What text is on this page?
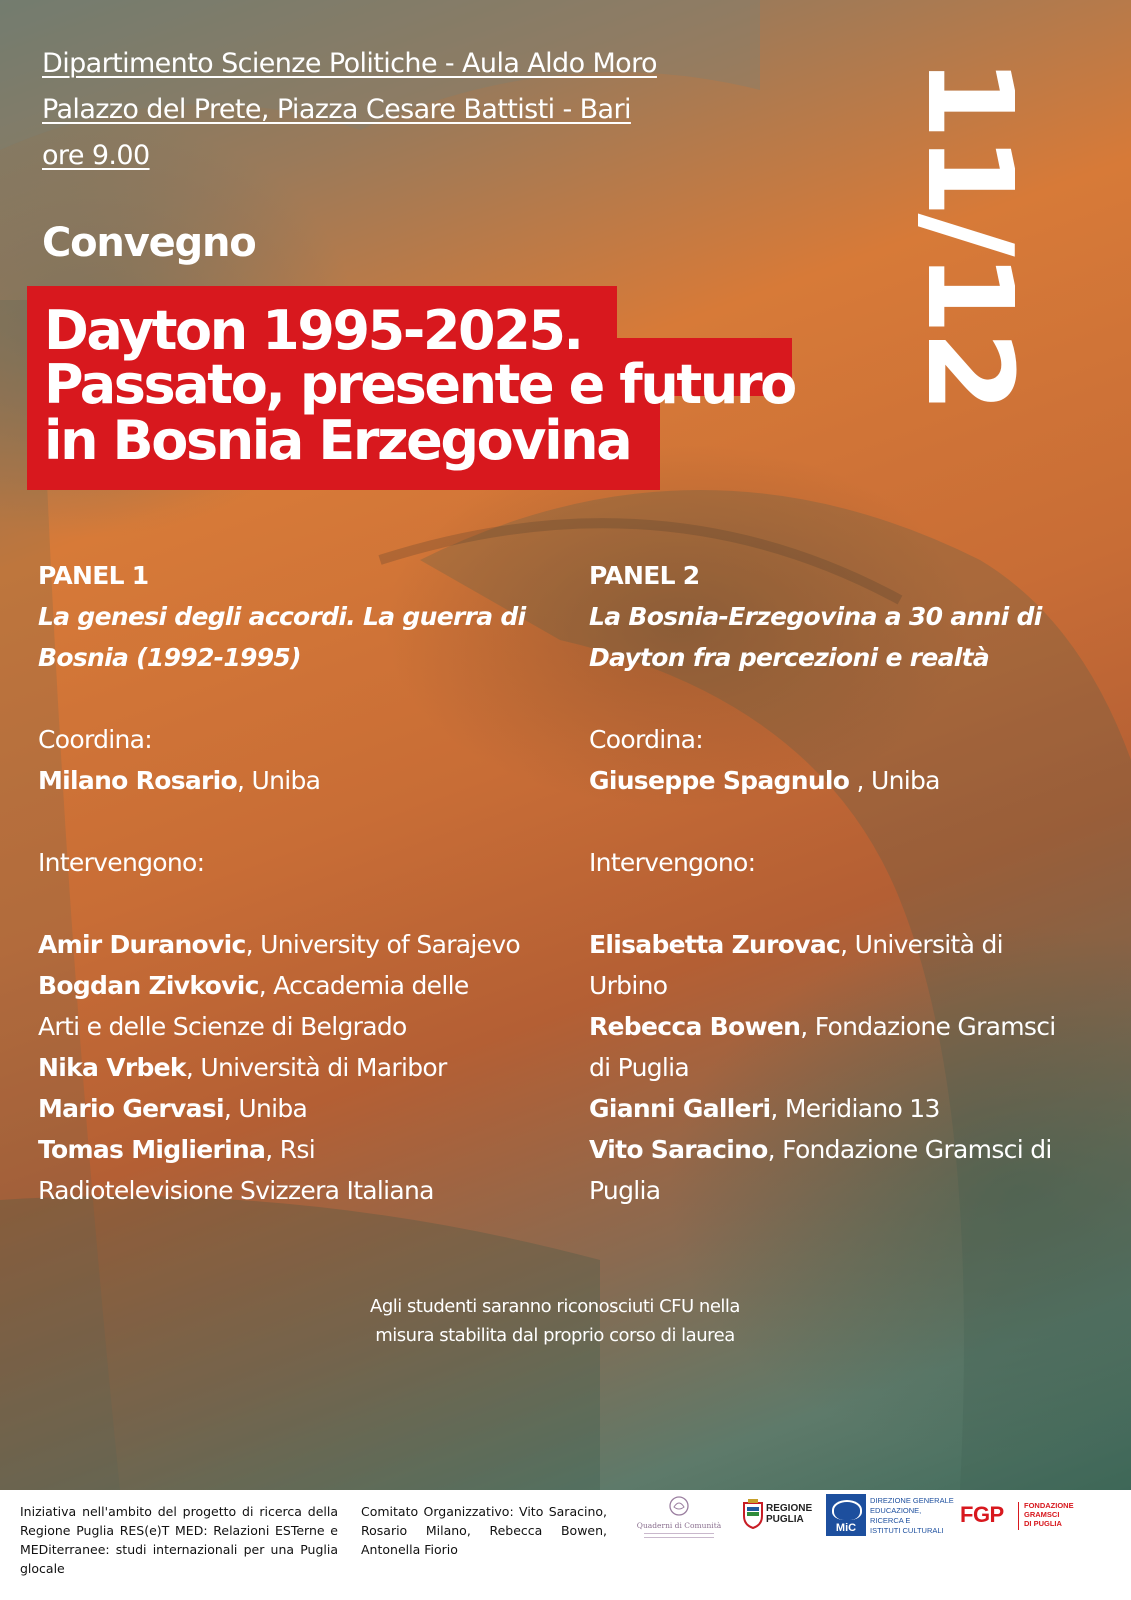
Dipartimento Scienze Politiche - Aula Aldo Moro
Palazzo del Prete, Piazza Cesare Battisti - Bari
ore 9.00
Convegno
Dayton 1995-2025.
Passato, presente e futuro
in Bosnia Erzegovina
11/12

PANEL 1

La genesi degli accordi. La guerra di

Bosnia (1992-1995)

Coordina:

Milano Rosario, Uniba

Intervengono:

Amir Duranovic, University of Sarajevo

Bogdan Zivkovic, Accademia delle

Arti e delle Scienze di Belgrado

Nika Vrbek, Università di Maribor

Mario Gervasi, Uniba

Tomas Miglierina, Rsi

Radiotelevisione Svizzera Italiana

PANEL 2

La Bosnia-Erzegovina a 30 anni di

Dayton fra percezioni e realtà

Coordina:

Giuseppe Spagnulo , Uniba

Intervengono:

Elisabetta Zurovac, Università di

Urbino

Rebecca Bowen, Fondazione Gramsci

di Puglia

Gianni Galleri, Meridiano 13

Vito Saracino, Fondazione Gramsci di

Puglia

Agli studenti saranno riconosciuti CFU nella
misura stabilita dal proprio corso di laurea
Iniziativa nell'ambito del progetto di ricerca della Regione Puglia RES(e)T MED: Relazioni ESTerne e MEDiterranee: studi internazionali per una Puglia glocale
Comitato Organizzativo: Vito Saracino, Rosario Milano, Rebecca Bowen, Antonella Fiorio
Quaderni di Comunità
REGIONE
PUGLIA
MiC
DIREZIONE GENERALE
EDUCAZIONE,
RICERCA E
ISTITUTI CULTURALI
FGP	FONDAZIONE
GRAMSCI
DI PUGLIA
